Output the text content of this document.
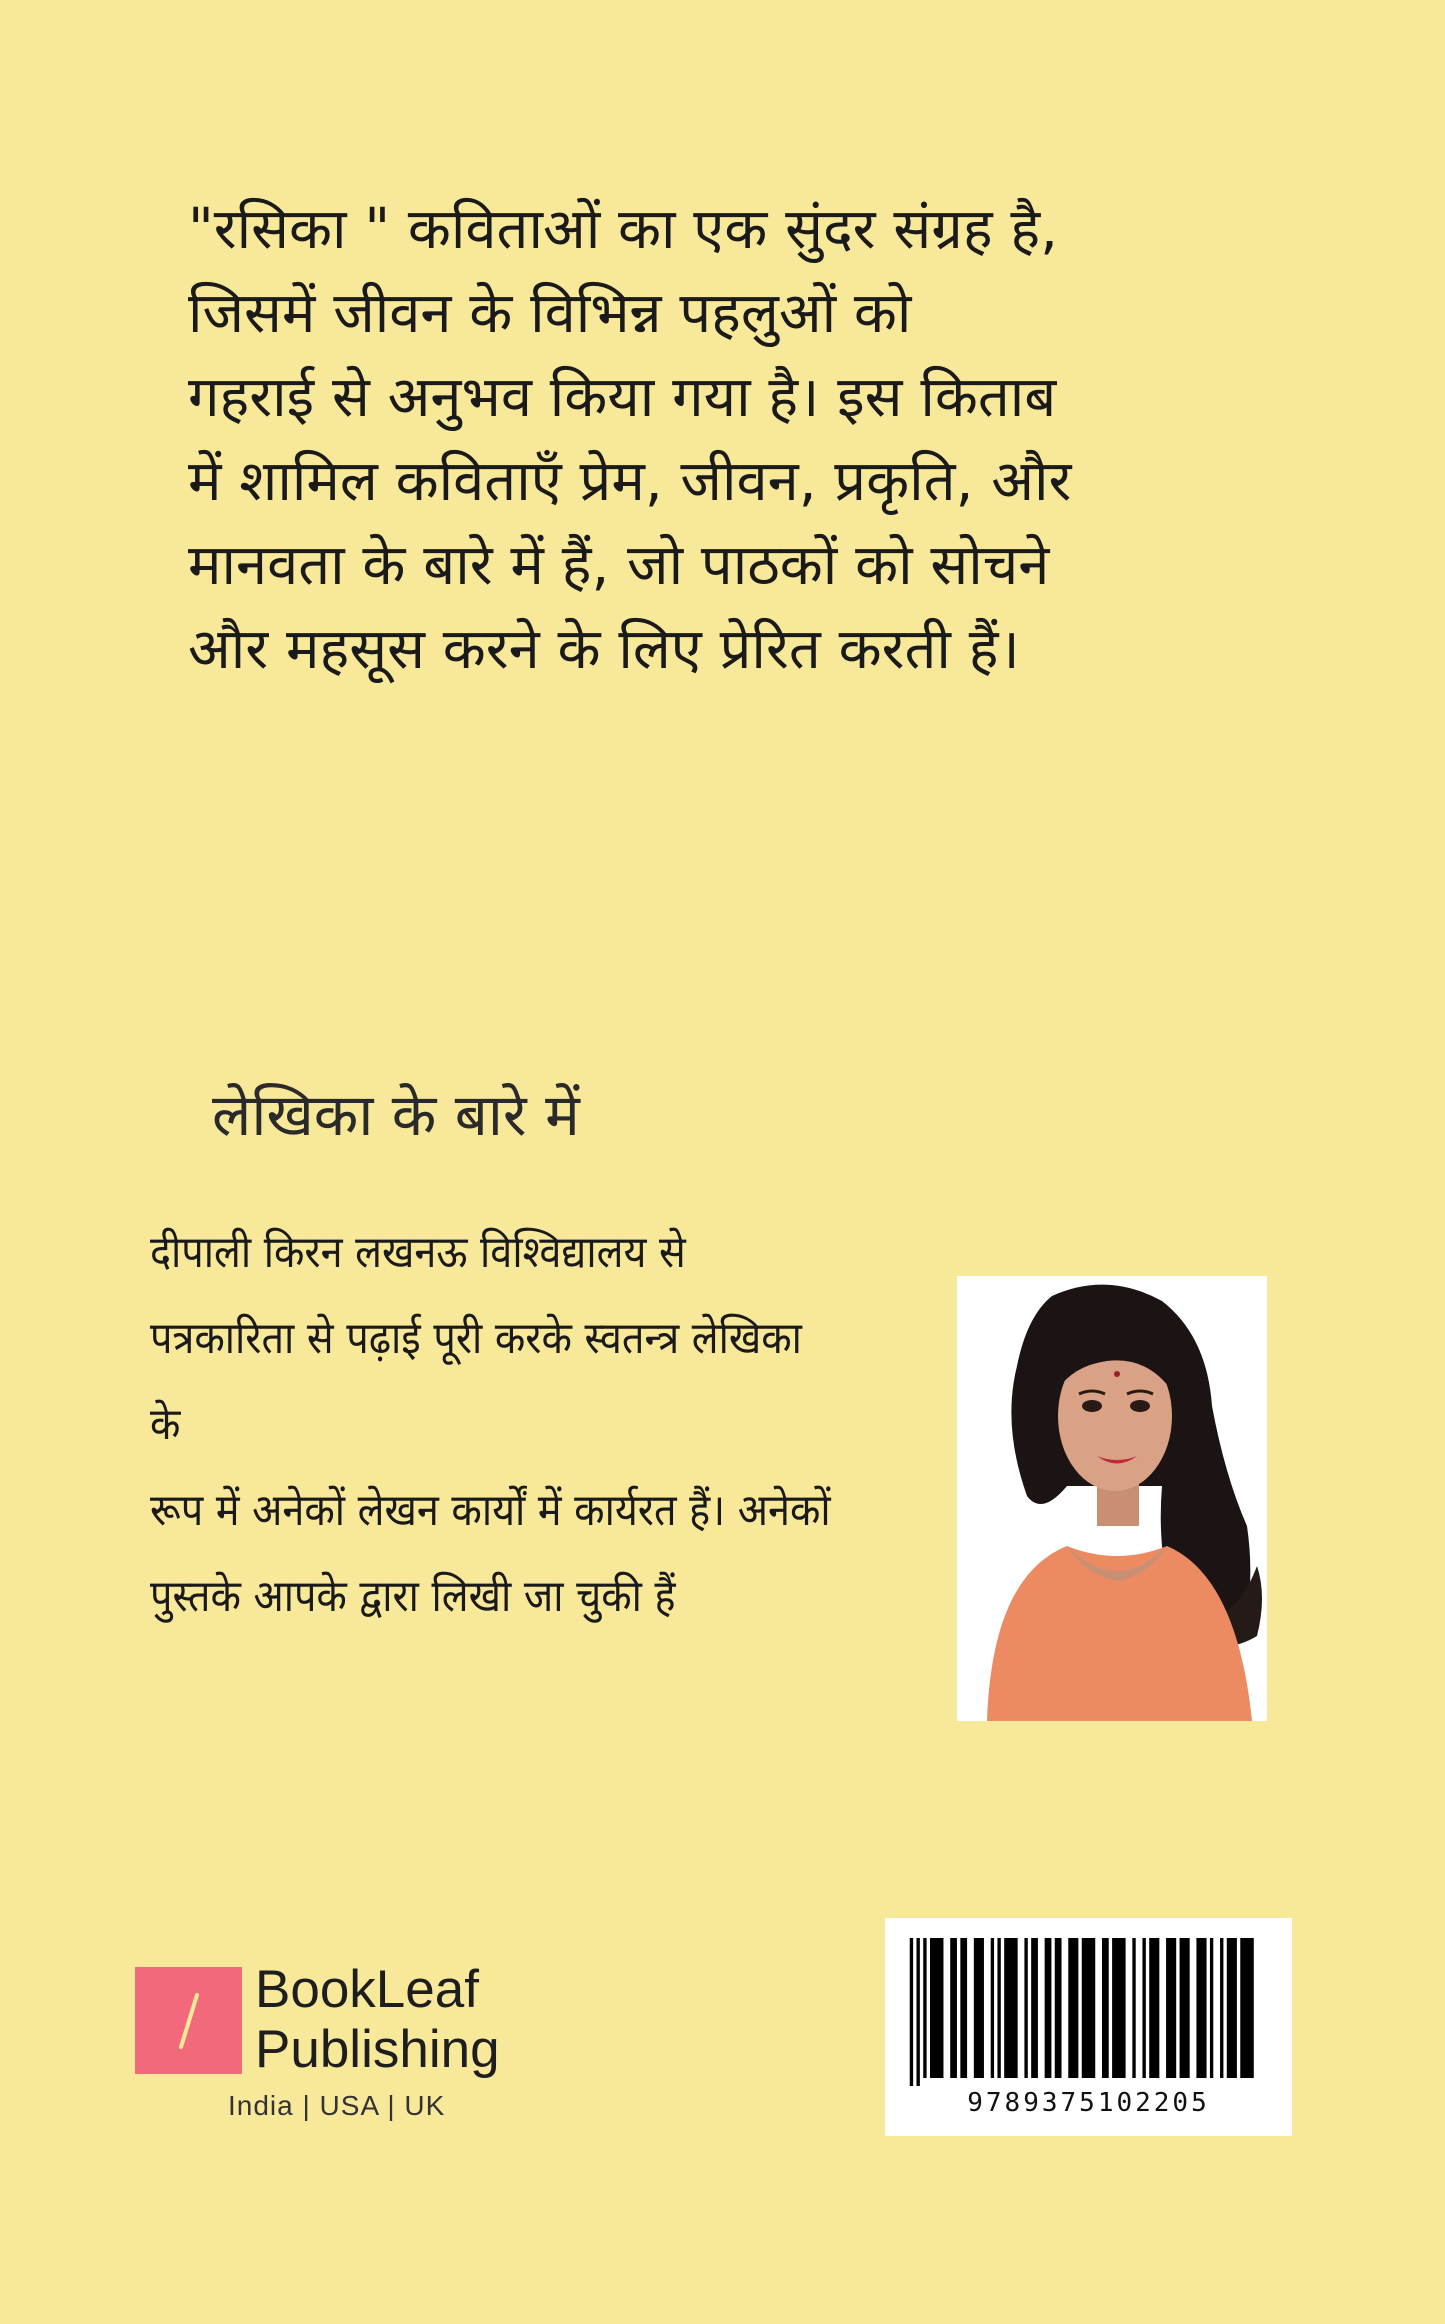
"रसिका " कविताओं का एक सुंदर संग्रह है,
जिसमें जीवन के विभिन्न पहलुओं को
गहराई से अनुभव किया गया है। इस किताब
में शामिल कविताएँ प्रेम, जीवन, प्रकृति, और
मानवता के बारे में हैं, जो पाठकों को सोचने
और महसूस करने के लिए प्रेरित करती हैं।

लेखिका के बारे में

दीपाली किरन लखनऊ विश्विद्यालय से
पत्रकारिता से पढ़ाई पूरी करके स्वतन्त्र लेखिका के
रूप में अनेकों लेखन कार्यों में कार्यरत हैं। अनेकों
पुस्तके आपके द्वारा लिखी जा चुकी हैं

BookLeaf
Publishing

India | USA | UK	9789375102205
